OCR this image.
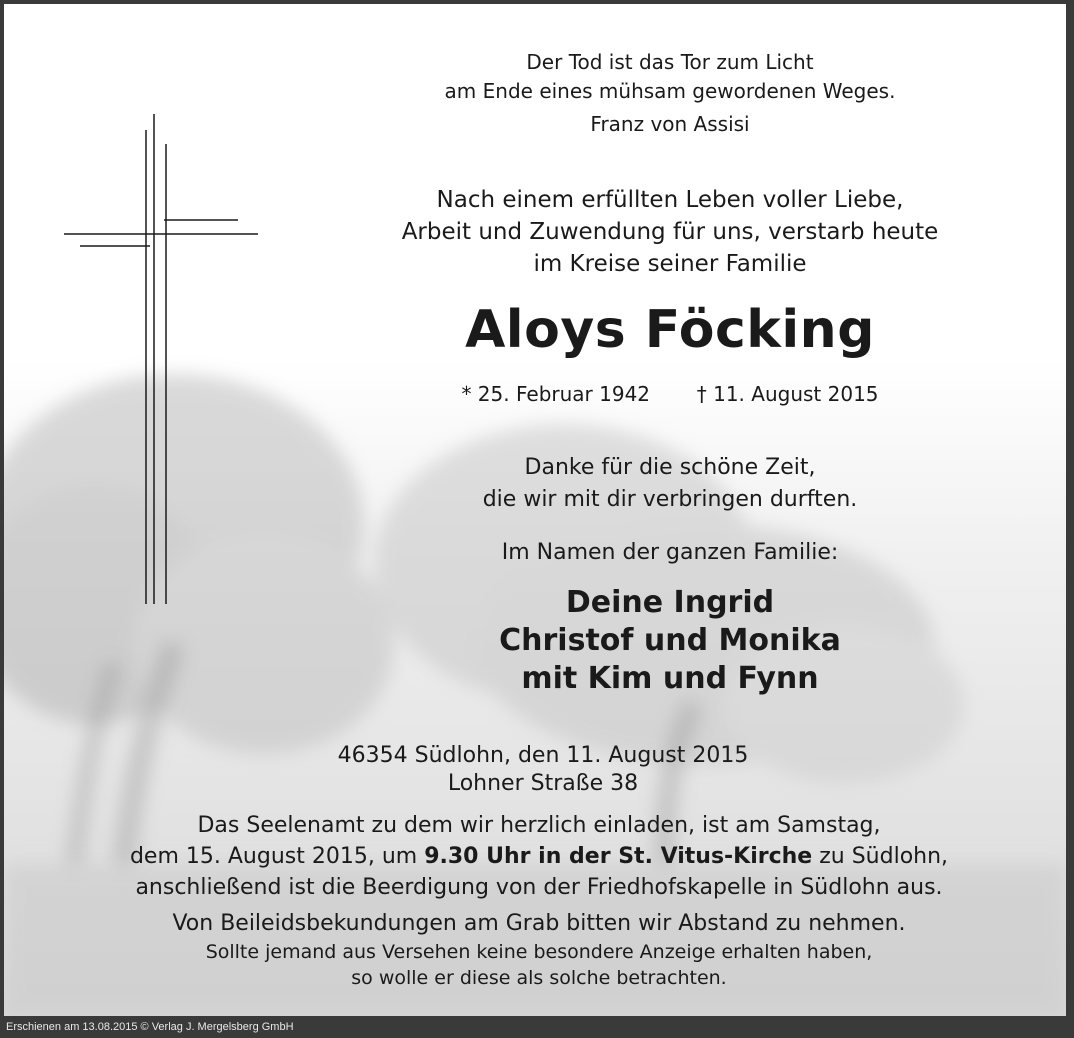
Der Tod ist das Tor zum Licht
am Ende eines mühsam gewordenen Weges.
Franz von Assisi
Nach einem erfüllten Leben voller Liebe,
Arbeit und Zuwendung für uns, verstarb heute
im Kreise seiner Familie
Aloys Föcking
* 25. Februar 1942 † 11. August 2015
Danke für die schöne Zeit,
die wir mit dir verbringen durften.
Im Namen der ganzen Familie:
Deine Ingrid
Christof und Monika
mit Kim und Fynn
46354 Südlohn, den 11. August 2015
Lohner Straße 38
Das Seelenamt zu dem wir herzlich einladen, ist am Samstag,
dem 15. August 2015, um 9.30 Uhr in der St. Vitus-Kirche zu Südlohn,
anschließend ist die Beerdigung von der Friedhofskapelle in Südlohn aus.
Von Beileidsbekundungen am Grab bitten wir Abstand zu nehmen.
Sollte jemand aus Versehen keine besondere Anzeige erhalten haben,
so wolle er diese als solche betrachten.
Erschienen am 13.08.2015 © Verlag J. Mergelsberg GmbH
